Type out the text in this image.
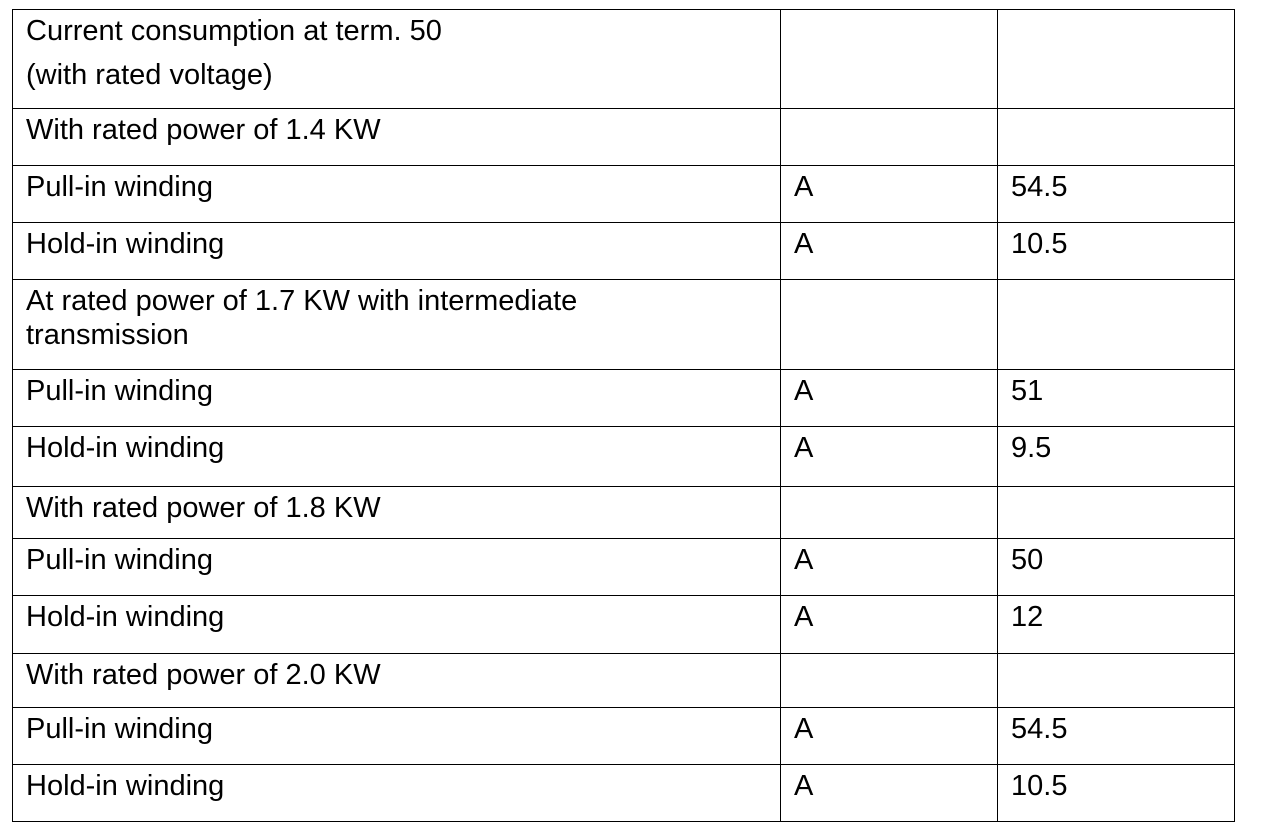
Current consumption at term. 50
(with rated voltage)		

With rated power of 1.4 KW		
Pull-in winding	A	54.5
Hold-in winding	A	10.5

At rated power of 1.7 KW with intermediate
transmission		

Pull-in winding	A	51
Hold-in winding	A	9.5
With rated power of 1.8 KW		
Pull-in winding	A	50
Hold-in winding	A	12
With rated power of 2.0 KW		
Pull-in winding	A	54.5
Hold-in winding	A	10.5
